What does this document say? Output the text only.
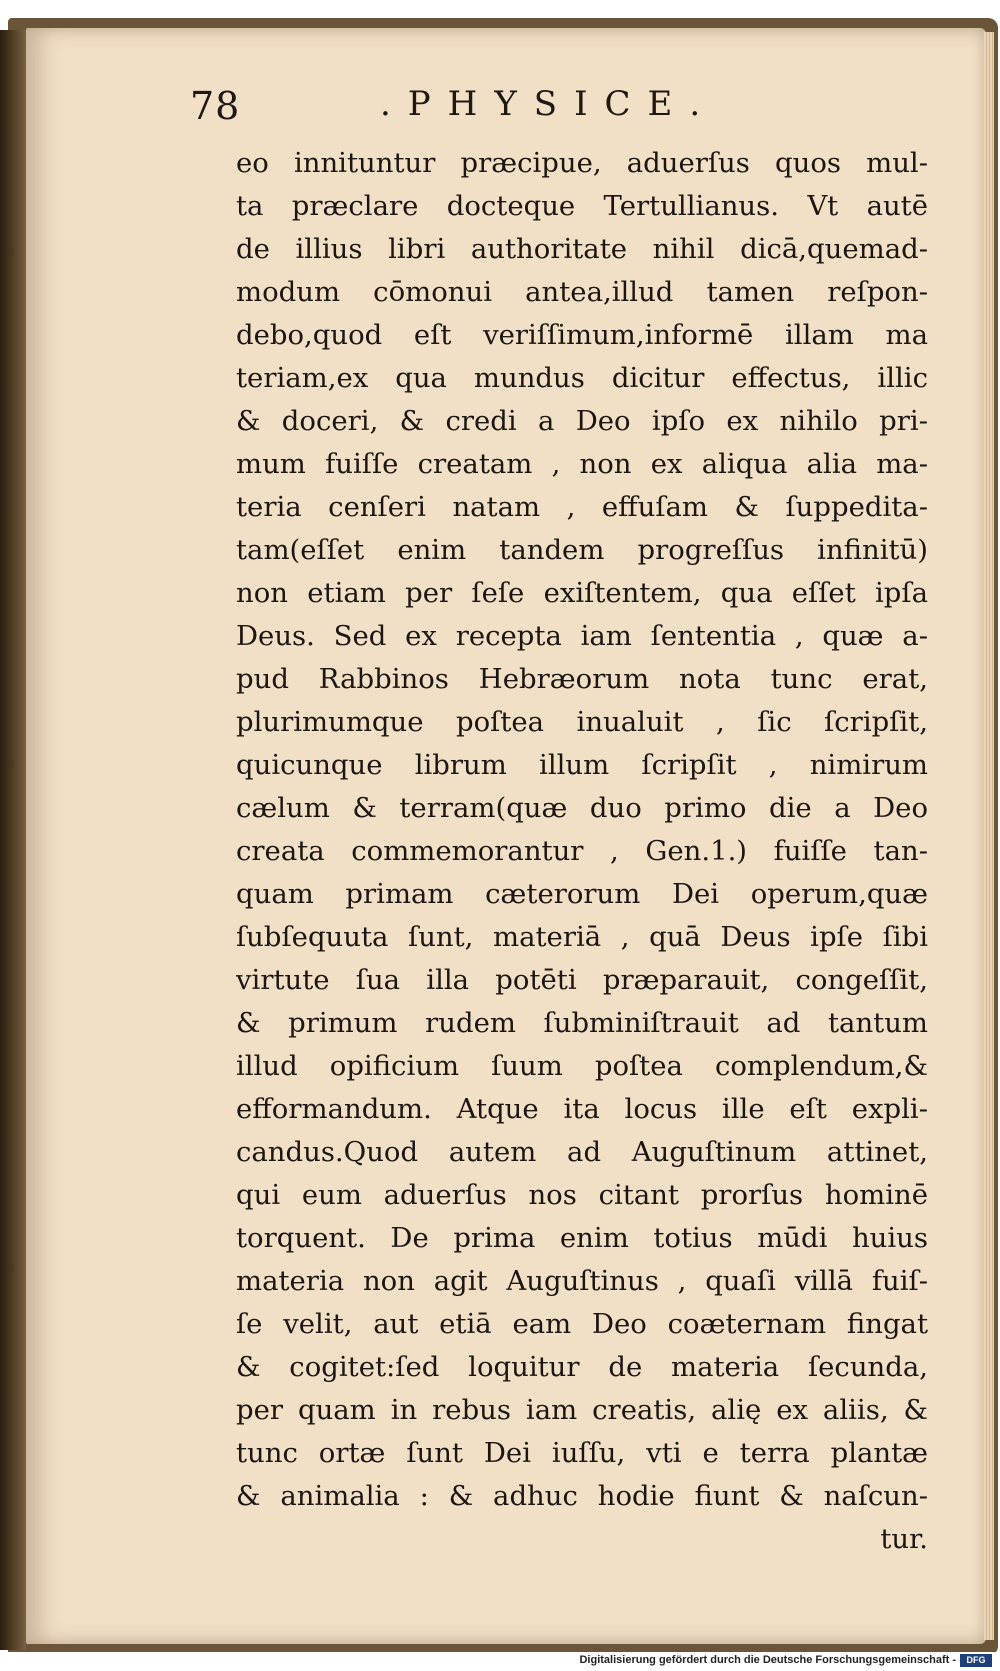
78	.PHYSICE.
eo innituntur præcipue, aduerſus quos mul-
ta præclare docteque Tertullianus. Vt autē
de illius libri authoritate nihil dicā,quemad-
modum cōmonui antea,illud tamen reſpon-
debo,quod eſt veriſſimum,informē illam ma
teriam,ex qua mundus dicitur effectus, illic
& doceri, & credi a Deo ipſo ex nihilo pri-
mum fuiſſe creatam , non ex aliqua alia ma-
teria cenſeri natam , effuſam & ſuppedita-
tam(eſſet enim tandem progreſſus infinitū)
non etiam per ſeſe exiſtentem, qua eſſet ipſa
Deus. Sed ex recepta iam ſententia , quæ a-
pud Rabbinos Hebræorum nota tunc erat,
plurimumque poſtea inualuit , ſic ſcripſit,
quicunque librum illum ſcripſit , nimirum
cælum & terram(quæ duo primo die a Deo
creata commemorantur , Gen.1.) fuiſſe tan-
quam primam cæterorum Dei operum,quæ
ſubſequuta ſunt, materiā , quā Deus ipſe ſibi
virtute ſua illa potēti præparauit, congeſſit,
& primum rudem ſubminiſtrauit ad tantum
illud opificium ſuum poſtea complendum,&
efformandum. Atque ita locus ille eſt expli-
candus.Quod autem ad Auguſtinum attinet,
qui eum aduerſus nos citant prorſus hominē
torquent. De prima enim totius mūdi huius
materia non agit Auguſtinus , quaſi villā fuiſ-
ſe velit, aut etiā eam Deo coæternam fingat
& cogitet:ſed loquitur de materia ſecunda,
per quam in rebus iam creatis, alię ex aliis, &
tunc ortæ ſunt Dei iuſſu, vti e terra plantæ
& animalia : & adhuc hodie fiunt & naſcun-
tur.
Digitalisierung gefördert durch die Deutsche Forschungsgemeinschaft -	DFG
